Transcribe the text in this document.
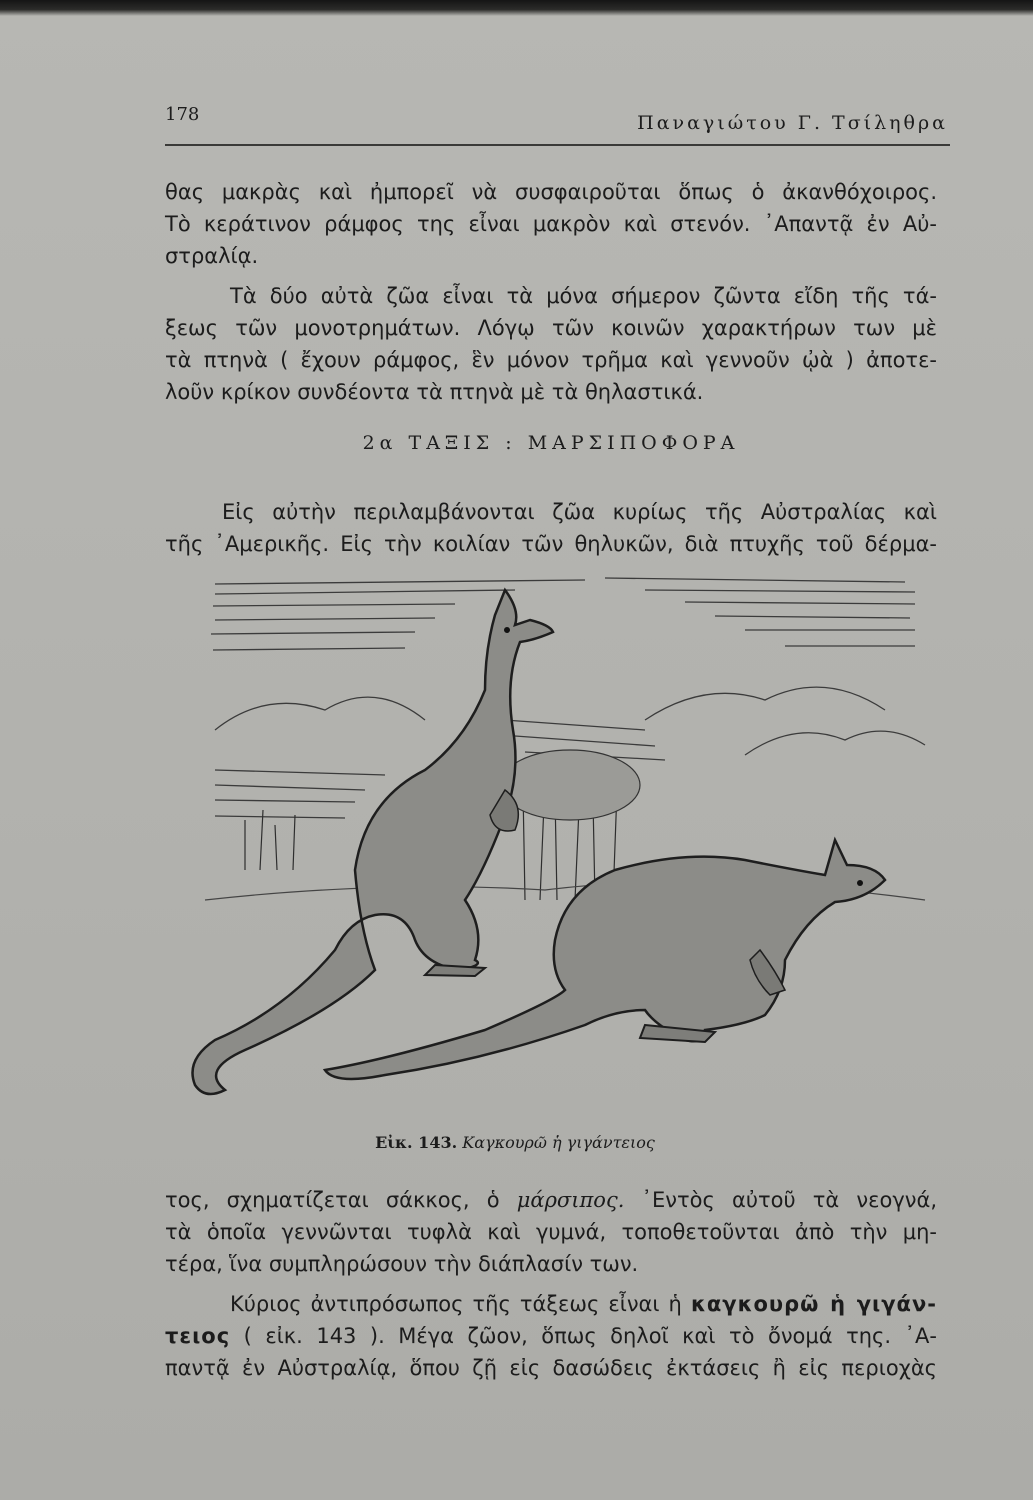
178	Παναγιώτου Γ. Τσίληθρα

θας μακρὰς καὶ ἠμπορεῖ νὰ συσφαιροῦται ὅπως ὁ ἀκανθόχοιρος.

Τὸ κεράτινον ράμφος της εἶναι μακρὸν καὶ στενόν. ᾿Απαντᾷ ἐν Αὐ-

στραλίᾳ.

Τὰ δύο αὐτὰ ζῶα εἶναι τὰ μόνα σήμερον ζῶντα εἴδη τῆς τά-

ξεως τῶν μονοτρημάτων. Λόγῳ τῶν κοινῶν χαρακτήρων των μὲ

τὰ πτηνὰ ( ἔχουν ράμφος, ἓν μόνον τρῆμα καὶ γεννοῦν ᾠὰ ) ἀποτε-

λοῦν κρίκον συνδέοντα τὰ πτηνὰ μὲ τὰ θηλαστικά.

2α ΤΑΞΙΣ : ΜΑΡΣΙΠΟΦΟΡΑ

Εἰς αὐτὴν περιλαμβάνονται ζῶα κυρίως τῆς Αὐστραλίας καὶ

τῆς ᾿Αμερικῆς. Εἰς τὴν κοιλίαν τῶν θηλυκῶν, διὰ πτυχῆς τοῦ δέρμα-

Εἰκ. 143. Καγκουρῶ ἡ γιγάντειος

τος, σχηματίζεται σάκκος, ὁ μάρσιπος. ᾿Εντὸς αὐτοῦ τὰ νεογνά,

τὰ ὁποῖα γεννῶνται τυφλὰ καὶ γυμνά, τοποθετοῦνται ἀπὸ τὴν μη-

τέρα, ἵνα συμπληρώσουν τὴν διάπλασίν των.

Κύριος ἀντιπρόσωπος τῆς τάξεως εἶναι ἡ καγκουρῶ ἡ γιγάν-

τειος ( εἰκ. 143 ). Μέγα ζῶον, ὅπως δηλοῖ καὶ τὸ ὄνομά της. ᾿Α-

παντᾷ ἐν Αὐστραλίᾳ, ὅπου ζῇ εἰς δασώδεις ἐκτάσεις ἢ εἰς περιοχὰς
